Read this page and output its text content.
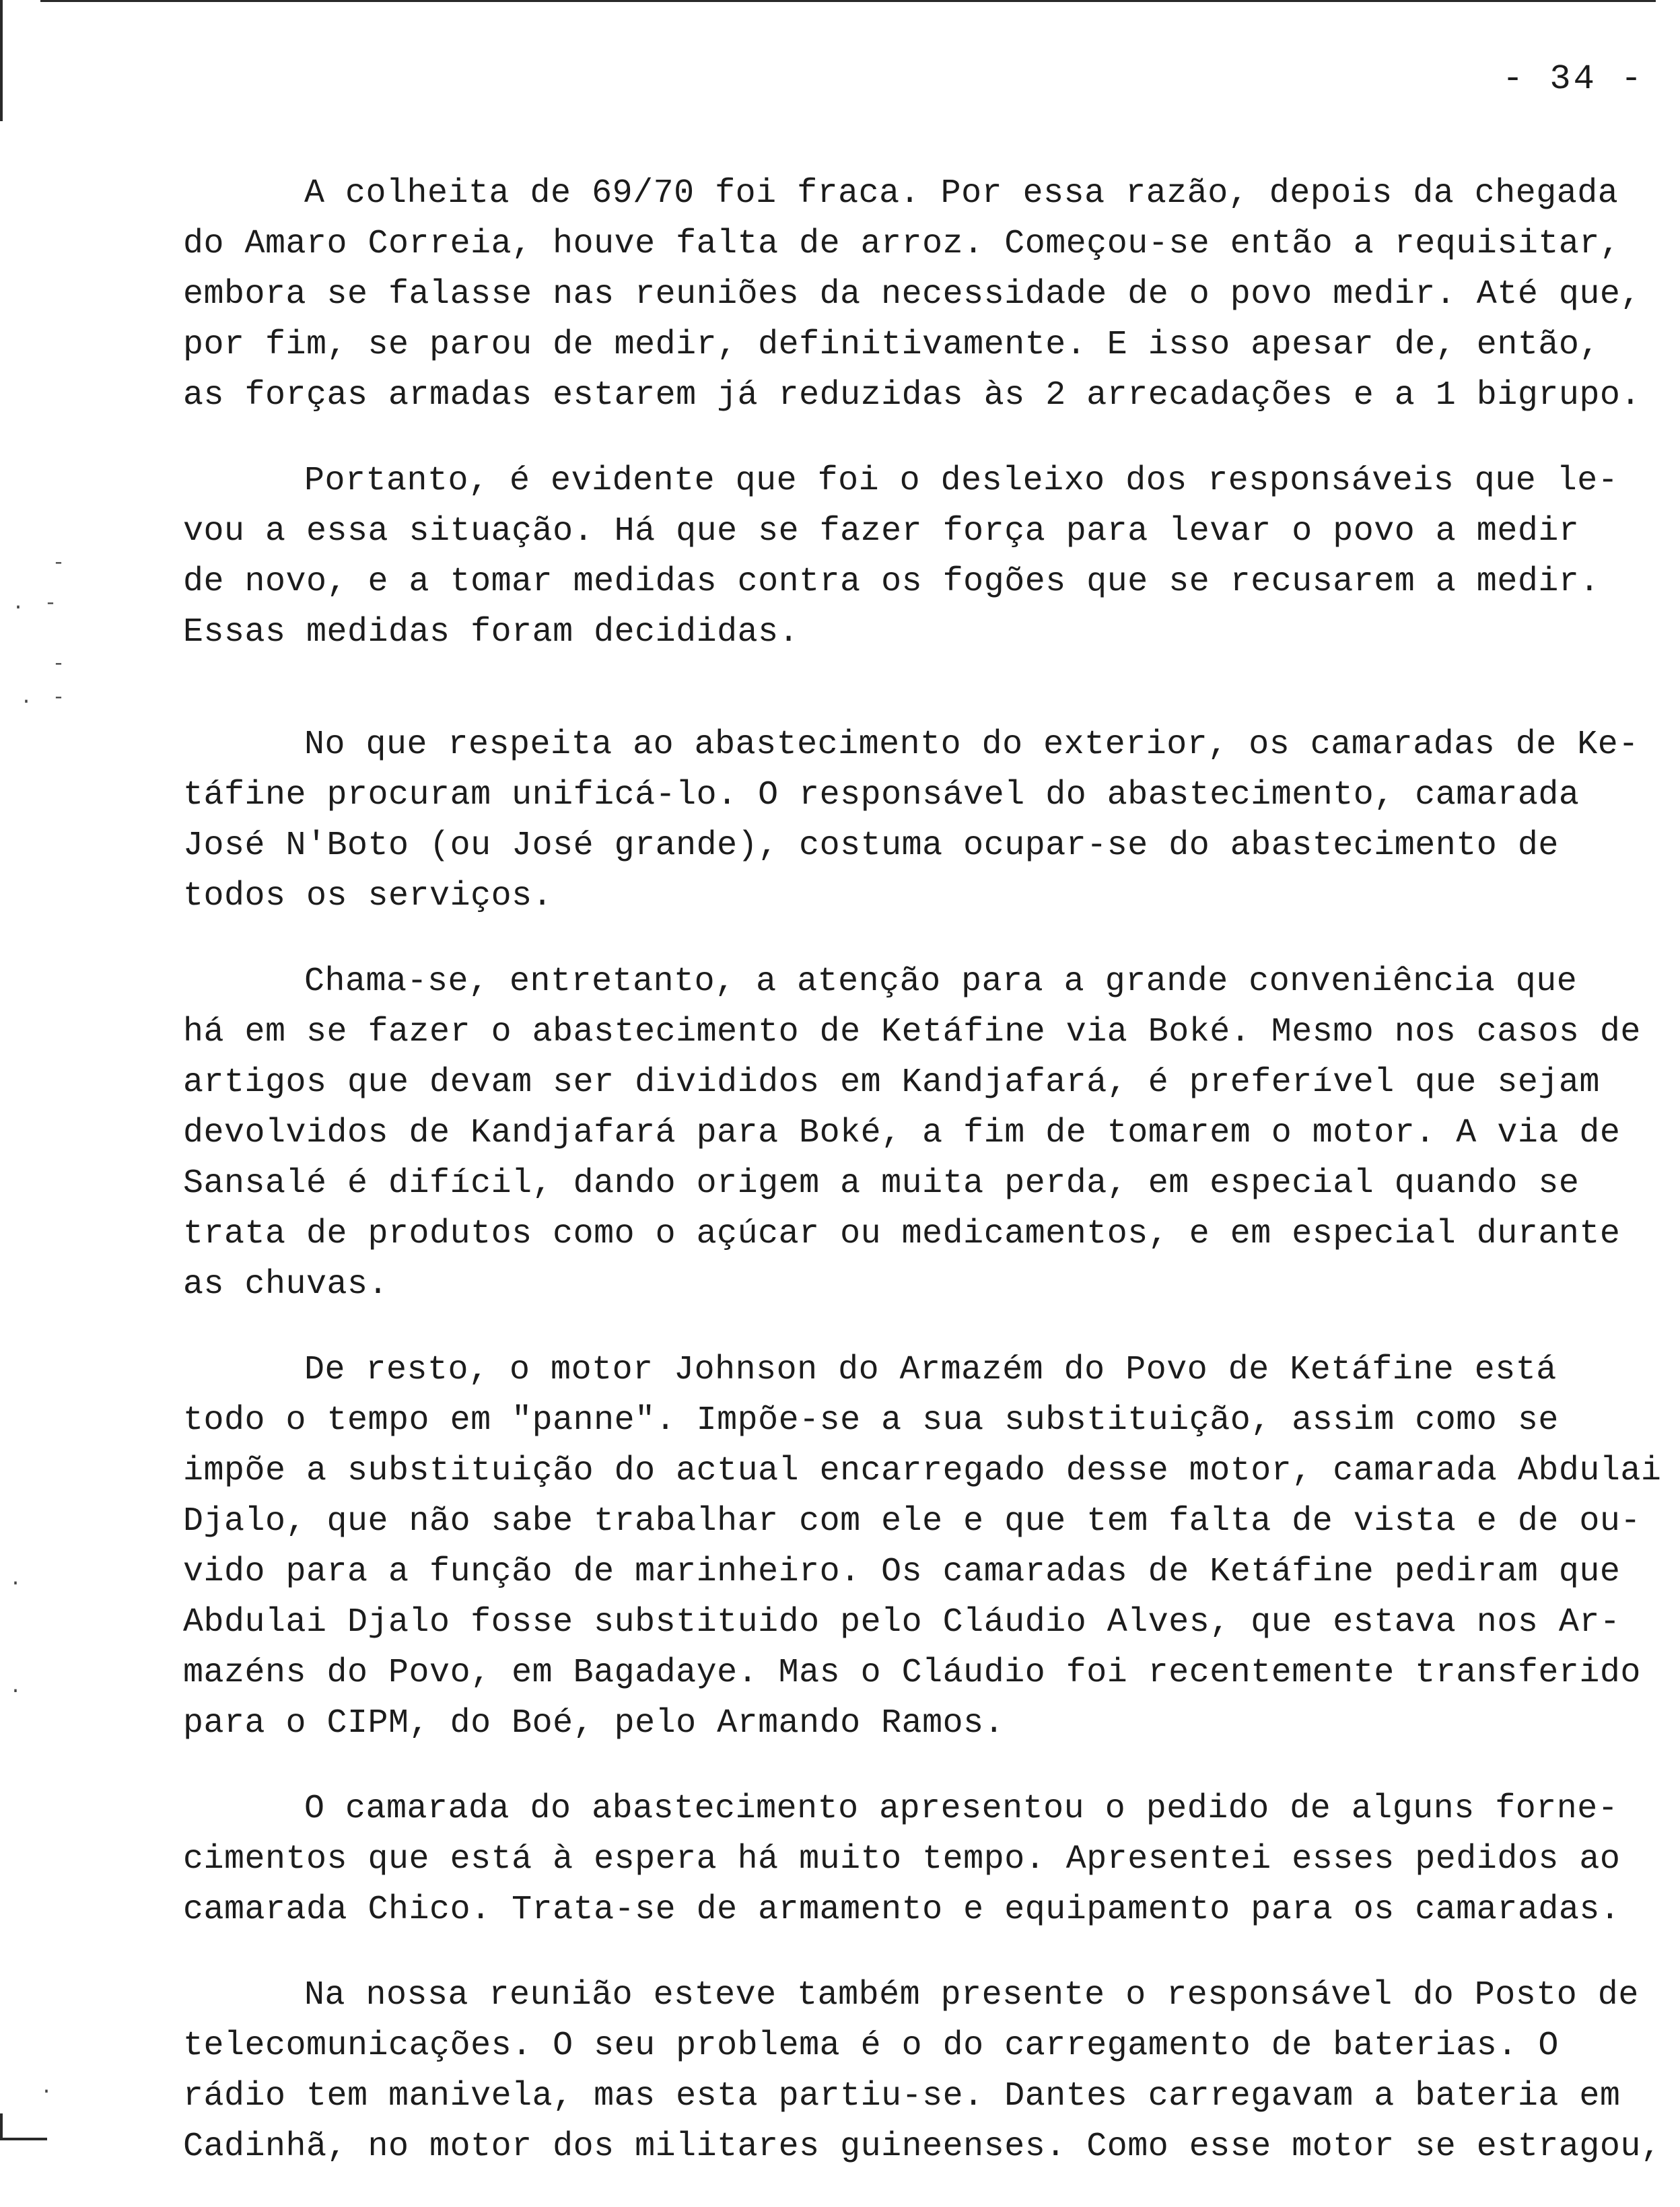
-
. -
-
. -
.
.
.
- 34 -
A colheita de 69/70 foi fraca. Por essa razão, depois da chegada
do Amaro Correia, houve falta de arroz. Começou-se então a requisitar,
embora se falasse nas reuniões da necessidade de o povo medir. Até que,
por fim, se parou de medir, definitivamente. E isso apesar de, então,
as forças armadas estarem já reduzidas às 2 arrecadações e a 1 bigrupo.
Portanto, é evidente que foi o desleixo dos responsáveis que le-
vou a essa situação. Há que se fazer força para levar o povo a medir
de novo, e a tomar medidas contra os fogões que se recusarem a medir.
Essas medidas foram decididas.
No que respeita ao abastecimento do exterior, os camaradas de Ke-
táfine procuram unificá-lo. O responsável do abastecimento, camarada
José N'Boto (ou José grande), costuma ocupar-se do abastecimento de
todos os serviços.
Chama-se, entretanto, a atenção para a grande conveniência que
há em se fazer o abastecimento de Ketáfine via Boké. Mesmo nos casos de
artigos que devam ser divididos em Kandjafará, é preferível que sejam
devolvidos de Kandjafará para Boké, a fim de tomarem o motor. A via de
Sansalé é difícil, dando origem a muita perda, em especial quando se
trata de produtos como o açúcar ou medicamentos, e em especial durante
as chuvas.
De resto, o motor Johnson do Armazém do Povo de Ketáfine está
todo o tempo em "panne". Impõe-se a sua substituição, assim como se
impõe a substituição do actual encarregado desse motor, camarada Abdulai
Djalo, que não sabe trabalhar com ele e que tem falta de vista e de ou-
vido para a função de marinheiro. Os camaradas de Ketáfine pediram que
Abdulai Djalo fosse substituido pelo Cláudio Alves, que estava nos Ar-
mazéns do Povo, em Bagadaye. Mas o Cláudio foi recentemente transferido
para o CIPM, do Boé, pelo Armando Ramos.
O camarada do abastecimento apresentou o pedido de alguns forne-
cimentos que está à espera há muito tempo. Apresentei esses pedidos ao
camarada Chico. Trata-se de armamento e equipamento para os camaradas.
Na nossa reunião esteve também presente o responsável do Posto de
telecomunicações. O seu problema é o do carregamento de baterias. O
rádio tem manivela, mas esta partiu-se. Dantes carregavam a bateria em
Cadinhã, no motor dos militares guineenses. Como esse motor se estragou,
